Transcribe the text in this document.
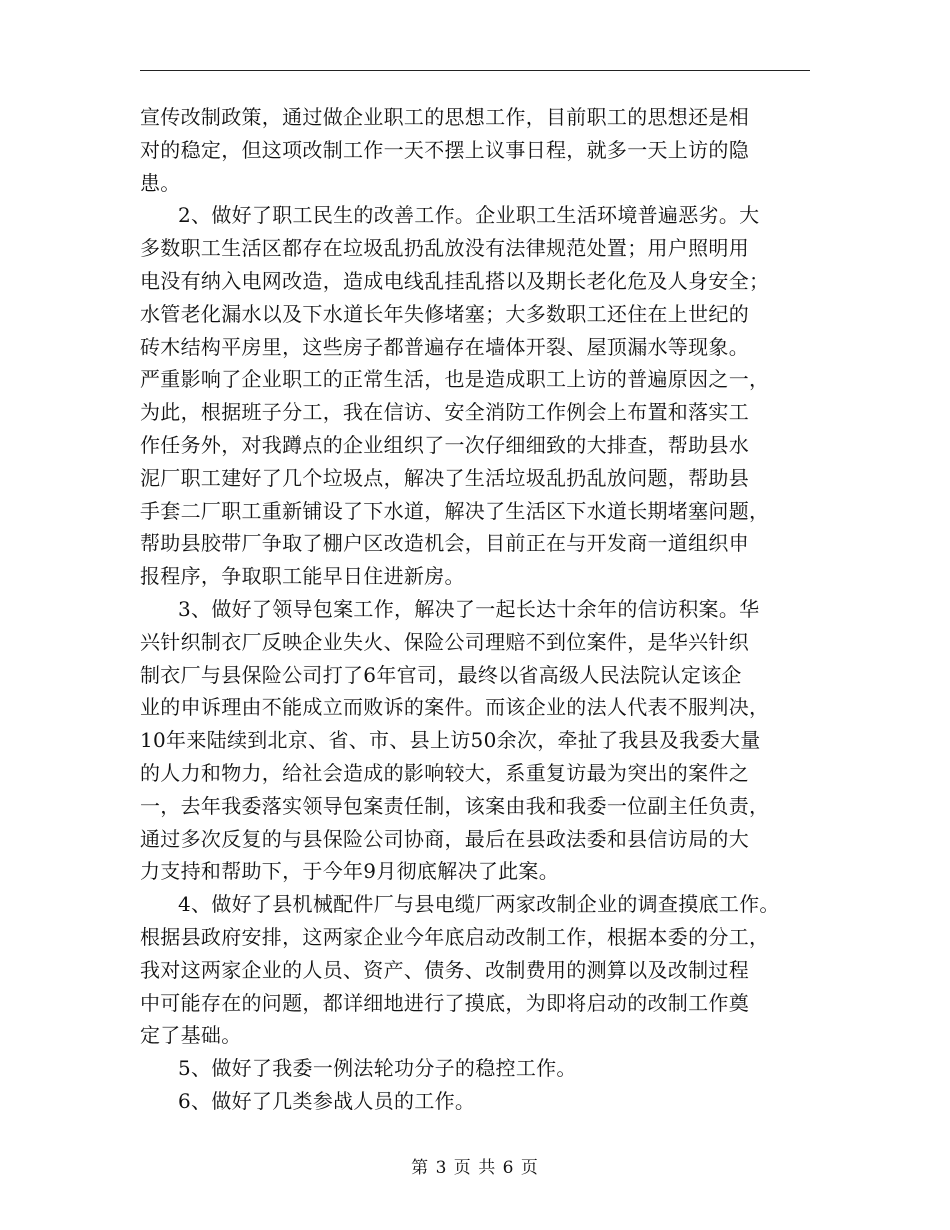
宣传改制政策，通过做企业职工的思想工作，目前职工的思想还是相
对的稳定，但这项改制工作一天不摆上议事日程，就多一天上访的隐
患。
2、做好了职工民生的改善工作。企业职工生活环境普遍恶劣。大
多数职工生活区都存在垃圾乱扔乱放没有法律规范处置；用户照明用
电没有纳入电网改造，造成电线乱挂乱搭以及期长老化危及人身安全；
水管老化漏水以及下水道长年失修堵塞；大多数职工还住在上世纪的
砖木结构平房里，这些房子都普遍存在墙体开裂、屋顶漏水等现象。
严重影响了企业职工的正常生活，也是造成职工上访的普遍原因之一，
为此，根据班子分工，我在信访、安全消防工作例会上布置和落实工
作任务外，对我蹲点的企业组织了一次仔细细致的大排查，帮助县水
泥厂职工建好了几个垃圾点，解决了生活垃圾乱扔乱放问题，帮助县
手套二厂职工重新铺设了下水道，解决了生活区下水道长期堵塞问题，
帮助县胶带厂争取了棚户区改造机会，目前正在与开发商一道组织申
报程序，争取职工能早日住进新房。
3、做好了领导包案工作，解决了一起长达十余年的信访积案。华
兴针织制衣厂反映企业失火、保险公司理赔不到位案件，是华兴针织
制衣厂与县保险公司打了6年官司，最终以省高级人民法院认定该企
业的申诉理由不能成立而败诉的案件。而该企业的法人代表不服判决，
10年来陆续到北京、省、市、县上访50余次，牵扯了我县及我委大量
的人力和物力，给社会造成的影响较大，系重复访最为突出的案件之
一，去年我委落实领导包案责任制，该案由我和我委一位副主任负责，
通过多次反复的与县保险公司协商，最后在县政法委和县信访局的大
力支持和帮助下，于今年9月彻底解决了此案。
4、做好了县机械配件厂与县电缆厂两家改制企业的调查摸底工作。
根据县政府安排，这两家企业今年底启动改制工作，根据本委的分工，
我对这两家企业的人员、资产、债务、改制费用的测算以及改制过程
中可能存在的问题，都详细地进行了摸底，为即将启动的改制工作奠
定了基础。
5、做好了我委一例法轮功分子的稳控工作。
6、做好了几类参战人员的工作。
第 3 页 共 6 页
